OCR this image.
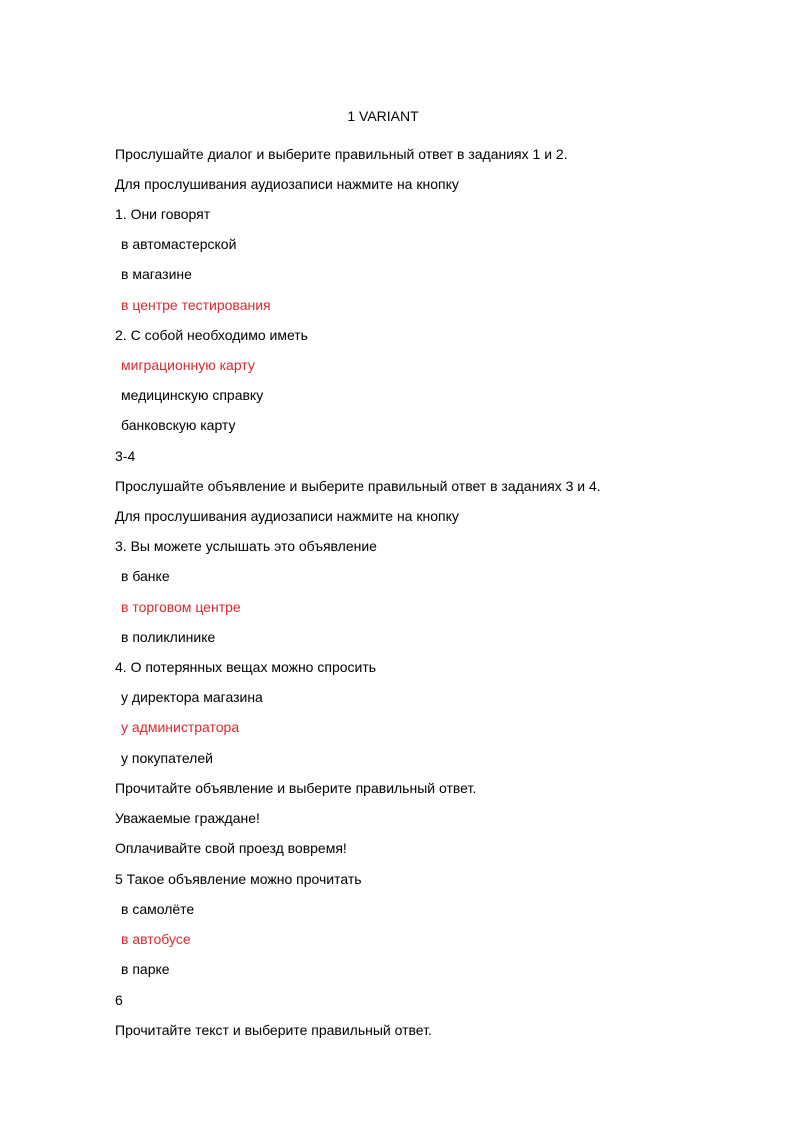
1 VARIANT
Прослушайте диалог и выберите правильный ответ в заданиях 1 и 2.
Для прослушивания аудиозаписи нажмите на кнопку
1. Они говорят
в автомастерской
в магазине
в центре тестирования
2. С собой необходимо иметь
миграционную карту
медицинскую справку
банковскую карту
3-4
Прослушайте объявление и выберите правильный ответ в заданиях 3 и 4.
Для прослушивания аудиозаписи нажмите на кнопку
3. Вы можете услышать это объявление
в банке
в торговом центре
в поликлинике
4. О потерянных вещах можно спросить
у директора магазина
у администратора
у покупателей
Прочитайте объявление и выберите правильный ответ.
Уважаемые граждане!
Оплачивайте свой проезд вовремя!
5 Такое объявление можно прочитать
в самолёте
в автобусе
в парке
6
Прочитайте текст и выберите правильный ответ.
